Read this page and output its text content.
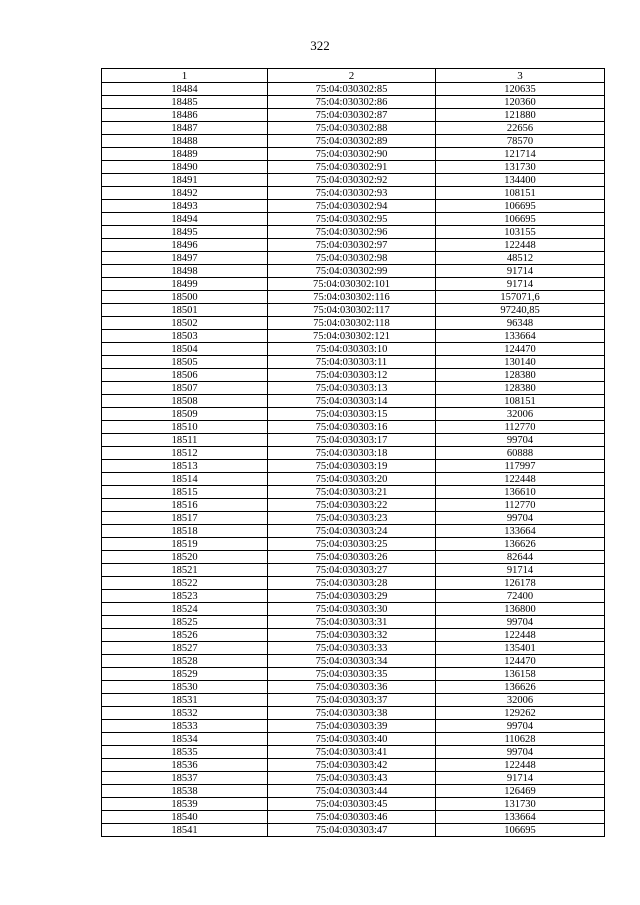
322
1	2	3
18484	75:04:030302:85	120635
18485	75:04:030302:86	120360
18486	75:04:030302:87	121880
18487	75:04:030302:88	22656
18488	75:04:030302:89	78570
18489	75:04:030302:90	121714
18490	75:04:030302:91	131730
18491	75:04:030302:92	134400
18492	75:04:030302:93	108151
18493	75:04:030302:94	106695
18494	75:04:030302:95	106695
18495	75:04:030302:96	103155
18496	75:04:030302:97	122448
18497	75:04:030302:98	48512
18498	75:04:030302:99	91714
18499	75:04:030302:101	91714
18500	75:04:030302:116	157071,6
18501	75:04:030302:117	97240,85
18502	75:04:030302:118	96348
18503	75:04:030302:121	133664
18504	75:04:030303:10	124470
18505	75:04:030303:11	130140
18506	75:04:030303:12	128380
18507	75:04:030303:13	128380
18508	75:04:030303:14	108151
18509	75:04:030303:15	32006
18510	75:04:030303:16	112770
18511	75:04:030303:17	99704
18512	75:04:030303:18	60888
18513	75:04:030303:19	117997
18514	75:04:030303:20	122448
18515	75:04:030303:21	136610
18516	75:04:030303:22	112770
18517	75:04:030303:23	99704
18518	75:04:030303:24	133664
18519	75:04:030303:25	136626
18520	75:04:030303:26	82644
18521	75:04:030303:27	91714
18522	75:04:030303:28	126178
18523	75:04:030303:29	72400
18524	75:04:030303:30	136800
18525	75:04:030303:31	99704
18526	75:04:030303:32	122448
18527	75:04:030303:33	135401
18528	75:04:030303:34	124470
18529	75:04:030303:35	136158
18530	75:04:030303:36	136626
18531	75:04:030303:37	32006
18532	75:04:030303:38	129262
18533	75:04:030303:39	99704
18534	75:04:030303:40	110628
18535	75:04:030303:41	99704
18536	75:04:030303:42	122448
18537	75:04:030303:43	91714
18538	75:04:030303:44	126469
18539	75:04:030303:45	131730
18540	75:04:030303:46	133664
18541	75:04:030303:47	106695
